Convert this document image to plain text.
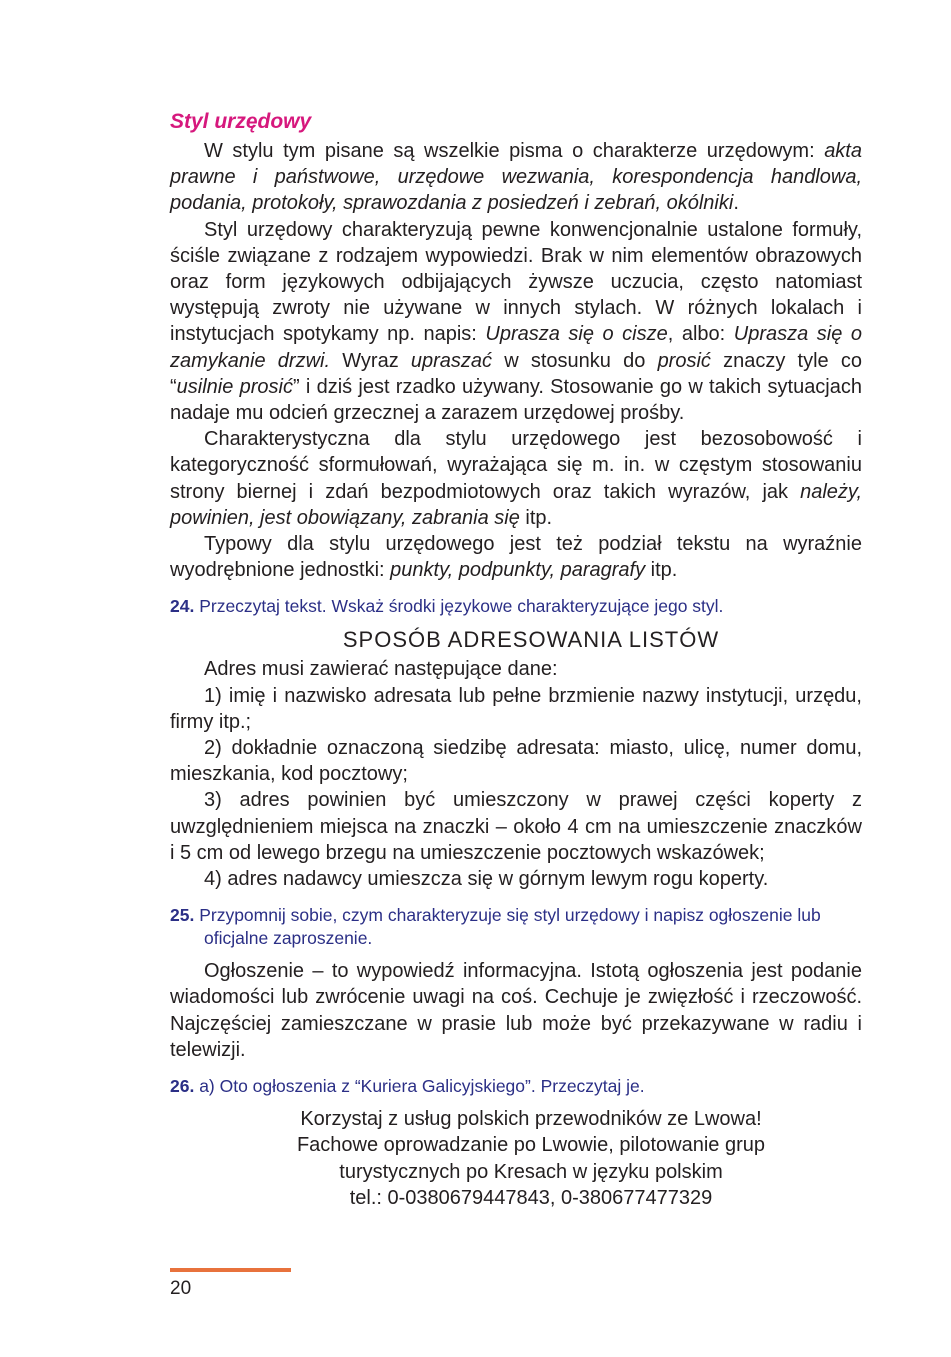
Styl urzędowy

W stylu tym pisane są wszelkie pisma o charakterze urzędowym: akta prawne i państwowe, urzędowe wezwania, korespondencja handlowa, podania, protokoły, sprawozdania z posiedzeń i zebrań, okólniki.

Styl urzędowy charakteryzują pewne konwencjonalnie ustalone formuły, ściśle związane z rodzajem wypowiedzi. Brak w nim elementów obrazowych oraz form językowych odbijających żywsze uczucia, często natomiast występują zwroty nie używane w innych stylach. W różnych lokalach i instytucjach spotykamy np. napis: Uprasza się o cisze, albo: Uprasza się o zamykanie drzwi. Wyraz upraszać w stosunku do prosić znaczy tyle co “usilnie prosić” i dziś jest rzadko używany. Stosowanie go w takich sytuacjach nadaje mu odcień grzecznej a zarazem urzędowej prośby.

Charakterystyczna dla stylu urzędowego jest bezosobowość i kategoryczność sformułowań, wyrażająca się m. in. w częstym stosowaniu strony biernej i zdań bezpodmiotowych oraz takich wyrazów, jak należy, powinien, jest obowiązany, zabrania się itp.

Typowy dla stylu urzędowego jest też podział tekstu na wyraźnie wyodrębnione jednostki: punkty, podpunkty, paragrafy itp.

24. Przeczytaj tekst. Wskaż środki językowe charakteryzujące jego styl.
SPOSÓB ADRESOWANIA LISTÓW

Adres musi zawierać następujące dane:

1) imię i nazwisko adresata lub pełne brzmienie nazwy instytucji, urzędu, firmy itp.;

2) dokładnie oznaczoną siedzibę adresata: miasto, ulicę, numer domu, mieszkania, kod pocztowy;

3) adres powinien być umieszczony w prawej części koperty z uwzględnieniem miejsca na znaczki – około 4 cm na umieszczenie znaczków i 5 cm od lewego brzegu na umieszczenie pocztowych wskazówek;

4) adres nadawcy umieszcza się w górnym lewym rogu koperty.

25. Przypomnij sobie, czym charakteryzuje się styl urzędowy i napisz ogłoszenie lub oficjalne zaproszenie.

Ogłoszenie – to wypowiedź informacyjna. Istotą ogłoszenia jest podanie wiadomości lub zwrócenie uwagi na coś. Cechuje je zwięzłość i rzeczowość. Najczęściej zamieszczane w prasie lub może być przekazywane w radiu i telewizji.

26. a) Oto ogłoszenia z “Kuriera Galicyjskiego”. Przeczytaj je.
Korzystaj z usług polskich przewodników ze Lwowa!
Fachowe oprowadzanie po Lwowie, pilotowanie grup
turystycznych po Kresach w języku polskim
tel.: 0-0380679447843, 0-380677477329
20
